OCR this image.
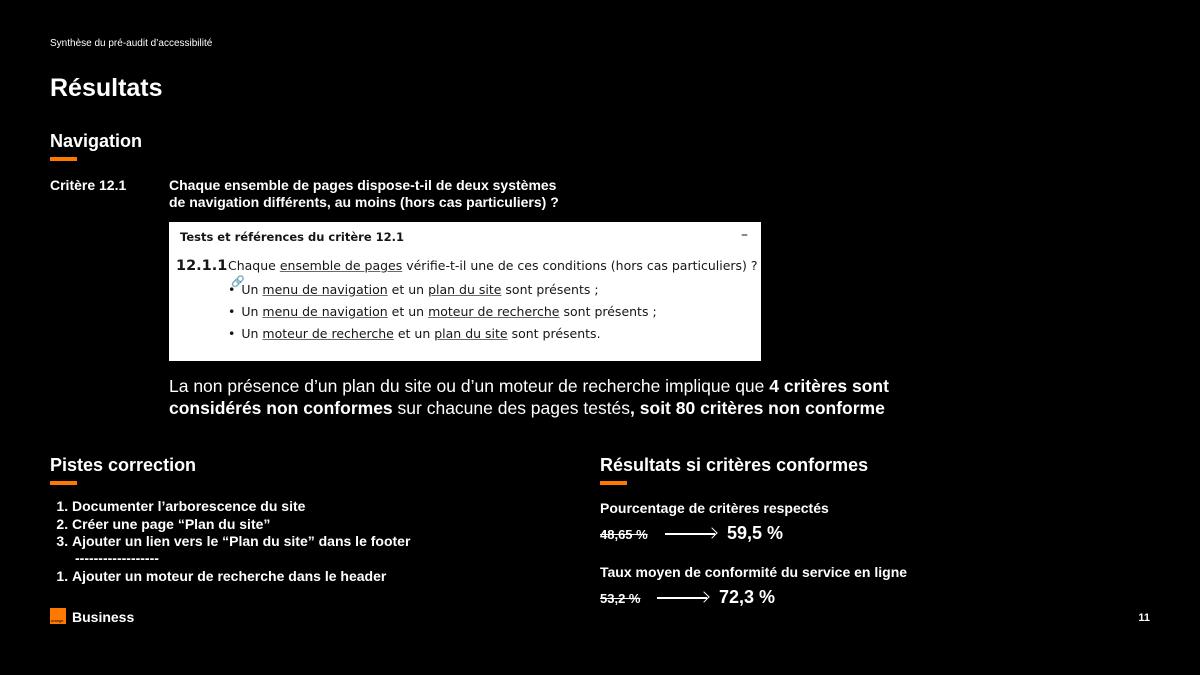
Synthèse du pré-audit d’accessibilité
Résultats
Navigation
Critère 12.1	Chaque ensemble de pages dispose-t-il de deux systèmes
de navigation différents, au moins (hors cas particuliers) ?
Tests et références du critère 12.1	–
12.1.1 Chaque ensemble de pages vérifie-t-il une de ces conditions (hors cas particuliers) ?🔗
• Un menu de navigation et un plan du site sont présents ;
• Un menu de navigation et un moteur de recherche sont présents ;
• Un moteur de recherche et un plan du site sont présents.
La non présence d’un plan du site ou d’un moteur de recherche implique que 4 critères sont
considérés non conformes sur chacune des pages testés, soit 80 critères non conforme
Pistes correction
1. Documenter l’arborescence du site
2. Créer une page “Plan du site”
3. Ajouter un lien vers le “Plan du site” dans le footer
------------------
1. Ajouter un moteur de recherche dans le header
Résultats si critères conformes
Pourcentage de critères respectés
48,65 %	59,5 %
Taux moyen de conformité du service en ligne
53,2 %	72,3 %
orange Business	11
